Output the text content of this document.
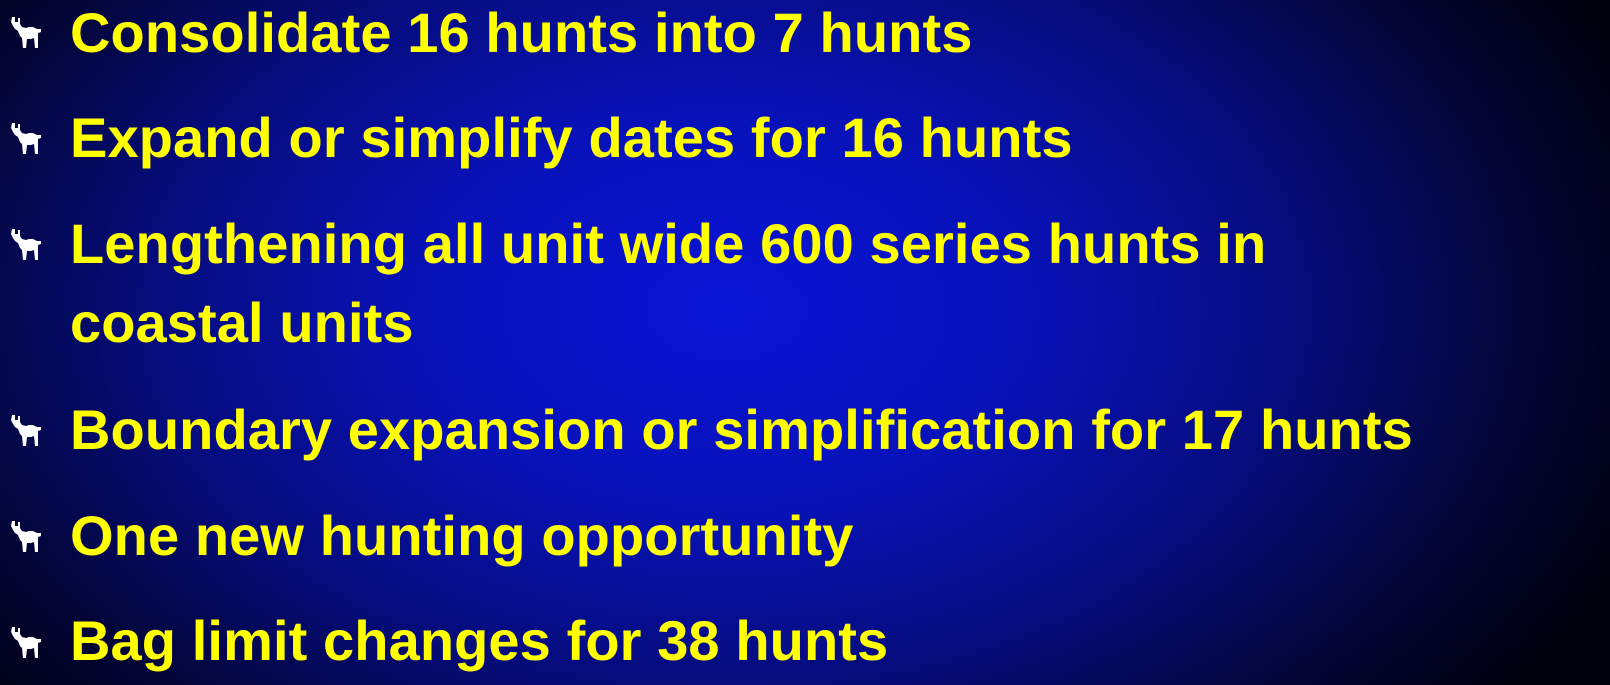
Consolidate 16 hunts into 7 hunts
Expand or simplify dates for 16 hunts
Lengthening all unit wide 600 series hunts in
coastal units
Boundary expansion or simplification for 17 hunts
One new hunting opportunity
Bag limit changes for 38 hunts
